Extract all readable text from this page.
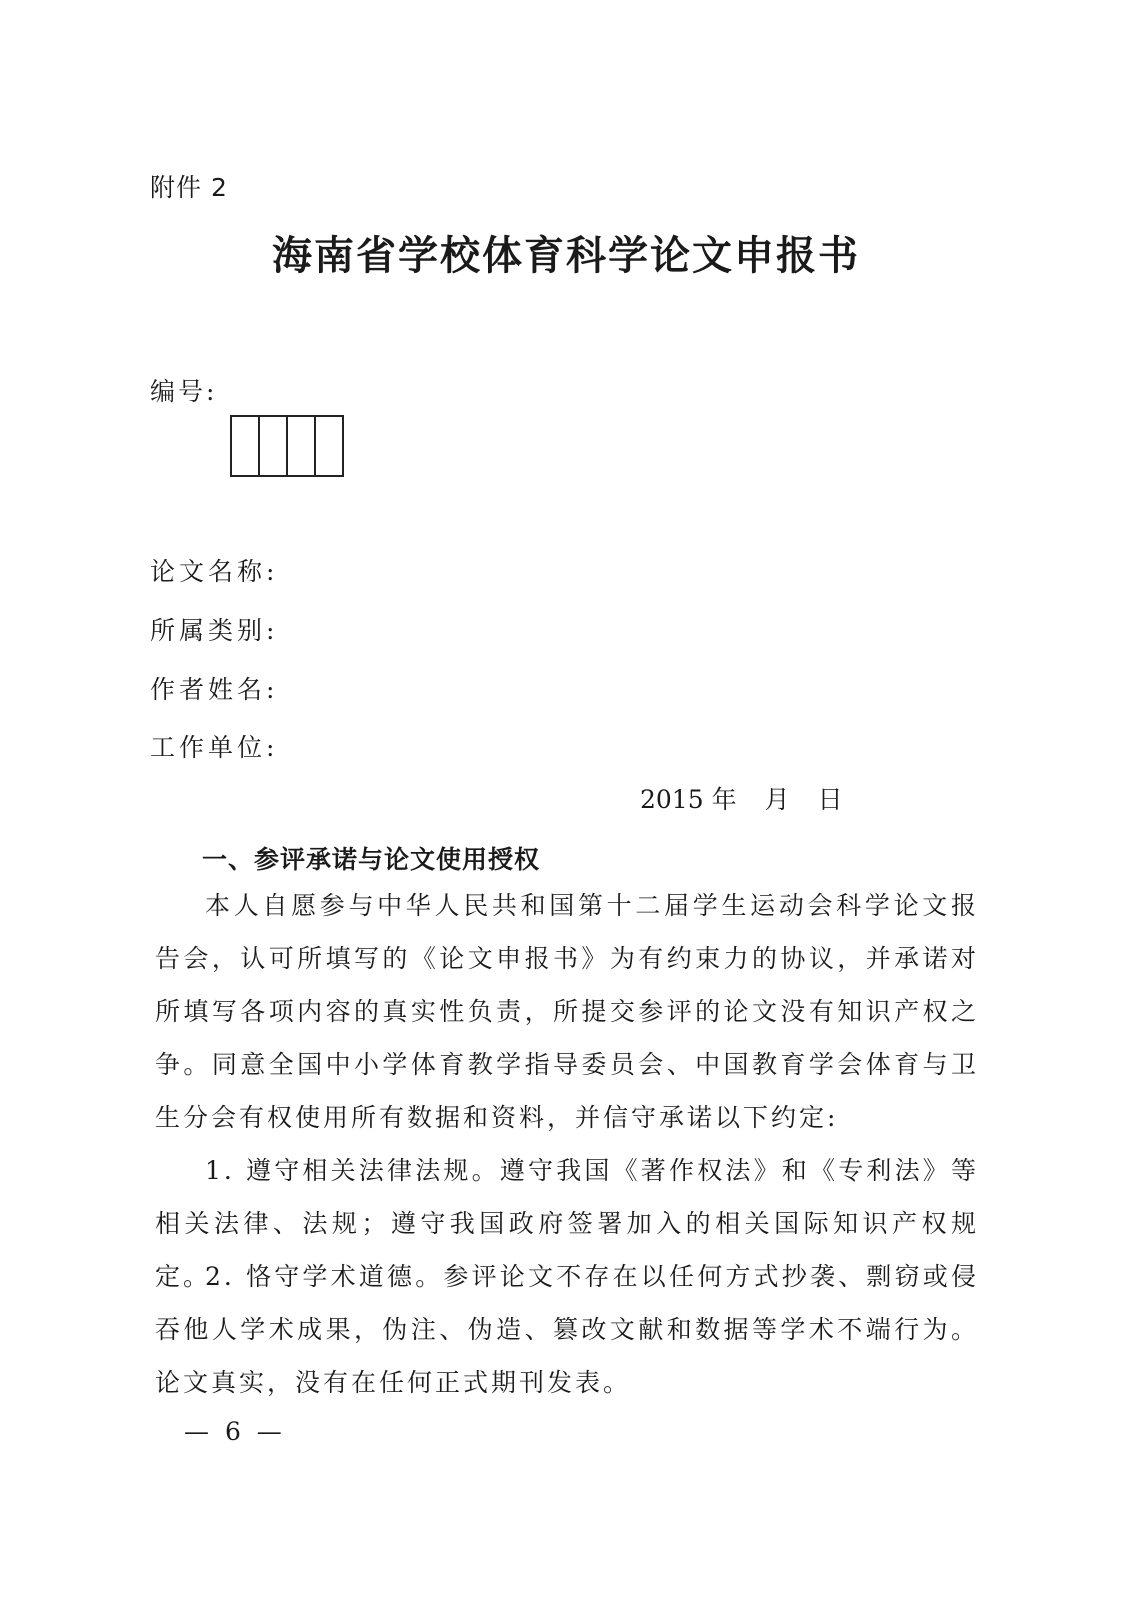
附件 2
海南省学校体育科学论文申报书
编号:
论文名称:
所属类别:
作者姓名:
工作单位:
2015 年 月 日
一、参评承诺与论文使用授权

本人自愿参与中华人民共和国第十二届学生运动会科学论文报告会，认可所填写的《论文申报书》为有约束力的协议，并承诺对所填写各项内容的真实性负责，所提交参评的论文没有知识产权之争。同意全国中小学体育教学指导委员会、中国教育学会体育与卫生分会有权使用所有数据和资料，并信守承诺以下约定:

1. 遵守相关法律法规。遵守我国《著作权法》和《专利法》等相关法律、法规；遵守我国政府签署加入的相关国际知识产权规定。

2. 恪守学术道德。参评论文不存在以任何方式抄袭、剽窃或侵吞他人学术成果，伪注、伪造、篡改文献和数据等学术不端行为。论文真实，没有在任何正式期刊发表。

— 6 —
